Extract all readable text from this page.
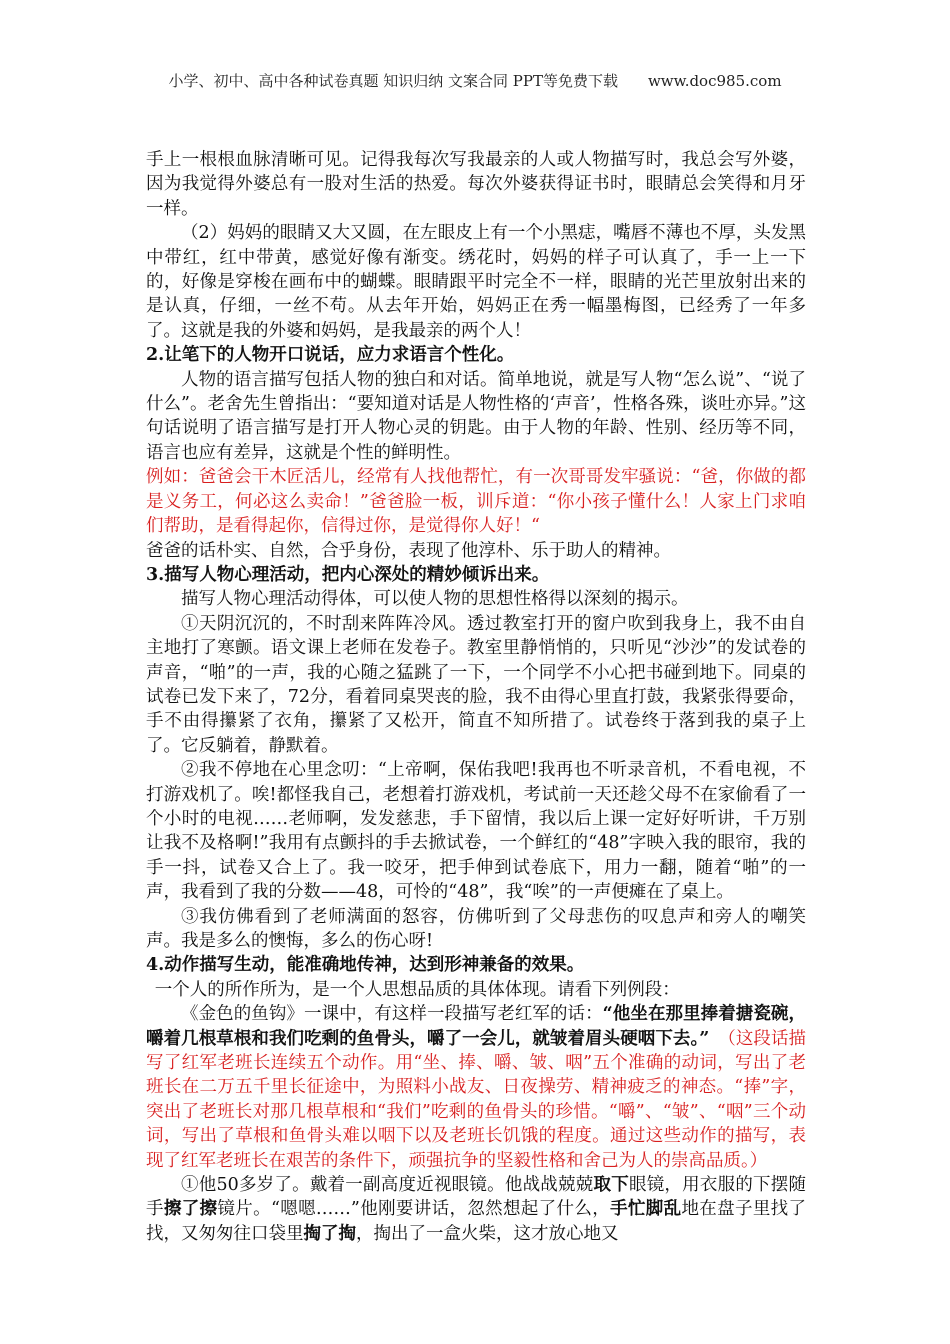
小学、初中、高中各种试卷真题 知识归纳 文案合同 PPT等免费下载　　www.doc985.com

手上一根根血脉清晰可见。记得我每次写我最亲的人或人物描写时，我总会写外婆，因为我觉得外婆总有一股对生活的热爱。每次外婆获得证书时，眼睛总会笑得和月牙一样。

（2）妈妈的眼睛又大又圆，在左眼皮上有一个小黑痣，嘴唇不薄也不厚，头发黑中带红，红中带黄，感觉好像有渐变。绣花时，妈妈的样子可认真了，手一上一下的，好像是穿梭在画布中的蝴蝶。眼睛跟平时完全不一样，眼睛的光芒里放射出来的是认真，仔细，一丝不苟。从去年开始，妈妈正在秀一幅墨梅图，已经秀了一年多了。这就是我的外婆和妈妈，是我最亲的两个人！

2.让笔下的人物开口说话，应力求语言个性化。

人物的语言描写包括人物的独白和对话。简单地说，就是写人物“怎么说”、“说了什么”。老舍先生曾指出：“要知道对话是人物性格的‘声音’，性格各殊，谈吐亦异。”这句话说明了语言描写是打开人物心灵的钥匙。由于人物的年龄、性别、经历等不同，语言也应有差异，这就是个性的鲜明性。

例如：爸爸会干木匠活儿，经常有人找他帮忙，有一次哥哥发牢骚说：“爸，你做的都是义务工，何必这么卖命！”爸爸脸一板，训斥道：“你小孩子懂什么！人家上门求咱们帮助，是看得起你，信得过你，是觉得你人好！“

爸爸的话朴实、自然，合乎身份，表现了他淳朴、乐于助人的精神。

3.描写人物心理活动，把内心深处的精妙倾诉出来。

描写人物心理活动得体，可以使人物的思想性格得以深刻的揭示。

①天阴沉沉的，不时刮来阵阵冷风。透过教室打开的窗户吹到我身上，我不由自主地打了寒颤。语文课上老师在发卷子。教室里静悄悄的，只听见“沙沙”的发试卷的声音，“啪”的一声，我的心随之猛跳了一下，一个同学不小心把书碰到地下。同桌的试卷已发下来了，72分，看着同桌哭丧的脸，我不由得心里直打鼓，我紧张得要命，手不由得攥紧了衣角，攥紧了又松开，简直不知所措了。试卷终于落到我的桌子上了。它反躺着，静默着。

②我不停地在心里念叨：“上帝啊，保佑我吧!我再也不听录音机，不看电视，不打游戏机了。唉!都怪我自己，老想着打游戏机，考试前一天还趁父母不在家偷看了一个小时的电视……老师啊，发发慈悲，手下留情，我以后上课一定好好听讲，千万别让我不及格啊!”我用有点颤抖的手去掀试卷，一个鲜红的“48”字映入我的眼帘，我的手一抖，试卷又合上了。我一咬牙，把手伸到试卷底下，用力一翻，随着“啪”的一声，我看到了我的分数——48，可怜的“48”，我“唉”的一声便瘫在了桌上。

③我仿佛看到了老师满面的怒容，仿佛听到了父母悲伤的叹息声和旁人的嘲笑声。我是多么的懊悔，多么的伤心呀!

4.动作描写生动，能准确地传神，达到形神兼备的效果。

一个人的所作所为，是一个人思想品质的具体体现。请看下列例段：

《金色的鱼钩》一课中，有这样一段描写老红军的话：“他坐在那里捧着搪瓷碗，嚼着几根草根和我们吃剩的鱼骨头，嚼了一会儿，就皱着眉头硬咽下去。”　 （这段话描写了红军老班长连续五个动作。用“坐、捧、嚼、皱、咽”五个准确的动词，写出了老班长在二万五千里长征途中，为照料小战友、日夜操劳、精神疲乏的神态。“捧”字，突出了老班长对那几根草根和“我们”吃剩的鱼骨头的珍惜。“嚼”、“皱”、“咽”三个动词，写出了草根和鱼骨头难以咽下以及老班长饥饿的程度。通过这些动作的描写，表现了红军老班长在艰苦的条件下，顽强抗争的坚毅性格和舍己为人的崇高品质。）

①他50多岁了。戴着一副高度近视眼镜。他战战兢兢取下眼镜，用衣服的下摆随手擦了擦镜片。“嗯嗯……”他刚要讲话，忽然想起了什么，手忙脚乱地在盘子里找了找，又匆匆往口袋里掏了掏，掏出了一盒火柴，这才放心地又
